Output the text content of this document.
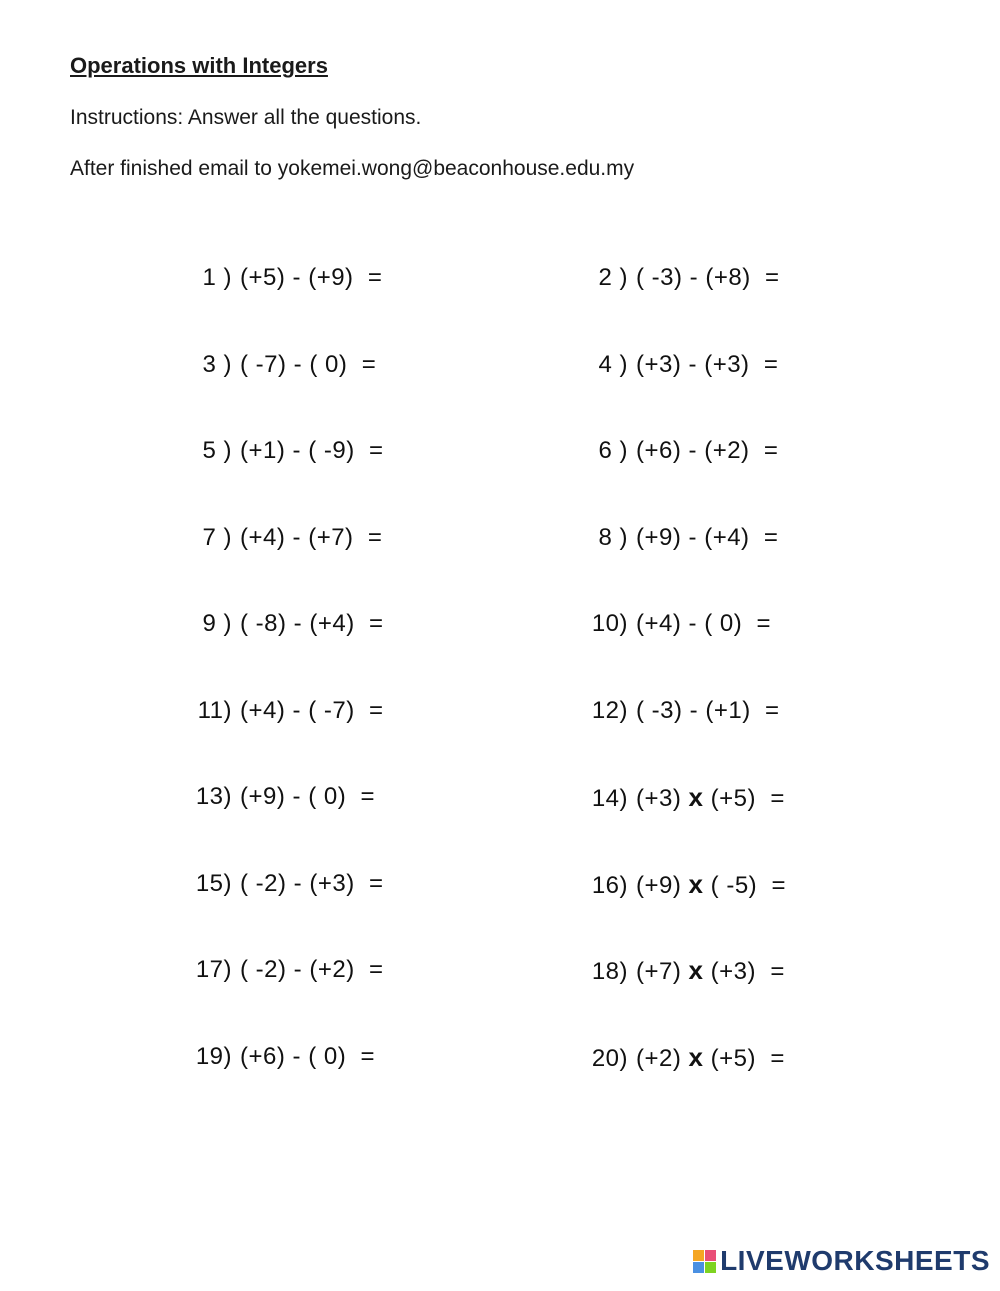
Operations with Integers

Instructions: Answer all the questions.

After finished email to yokemei.wong@beaconhouse.edu.my

1 ) (+5) - (+9) =	2 ) ( -3) - (+8) =
3 ) ( -7) - ( 0) =	4 ) (+3) - (+3) =
5 ) (+1) - ( -9) =	6 ) (+6) - (+2) =
7 ) (+4) - (+7) =	8 ) (+9) - (+4) =
9 ) ( -8) - (+4) =	10) (+4) - ( 0) =
11) (+4) - ( -7) =	12) ( -3) - (+1) =
13) (+9) - ( 0) =	14) (+3) x (+5) =
15) ( -2) - (+3) =	16) (+9) x ( -5) =
17) ( -2) - (+2) =	18) (+7) x (+3) =
19) (+6) - ( 0) =	20) (+2) x (+5) =
LIVEWORKSHEETS
